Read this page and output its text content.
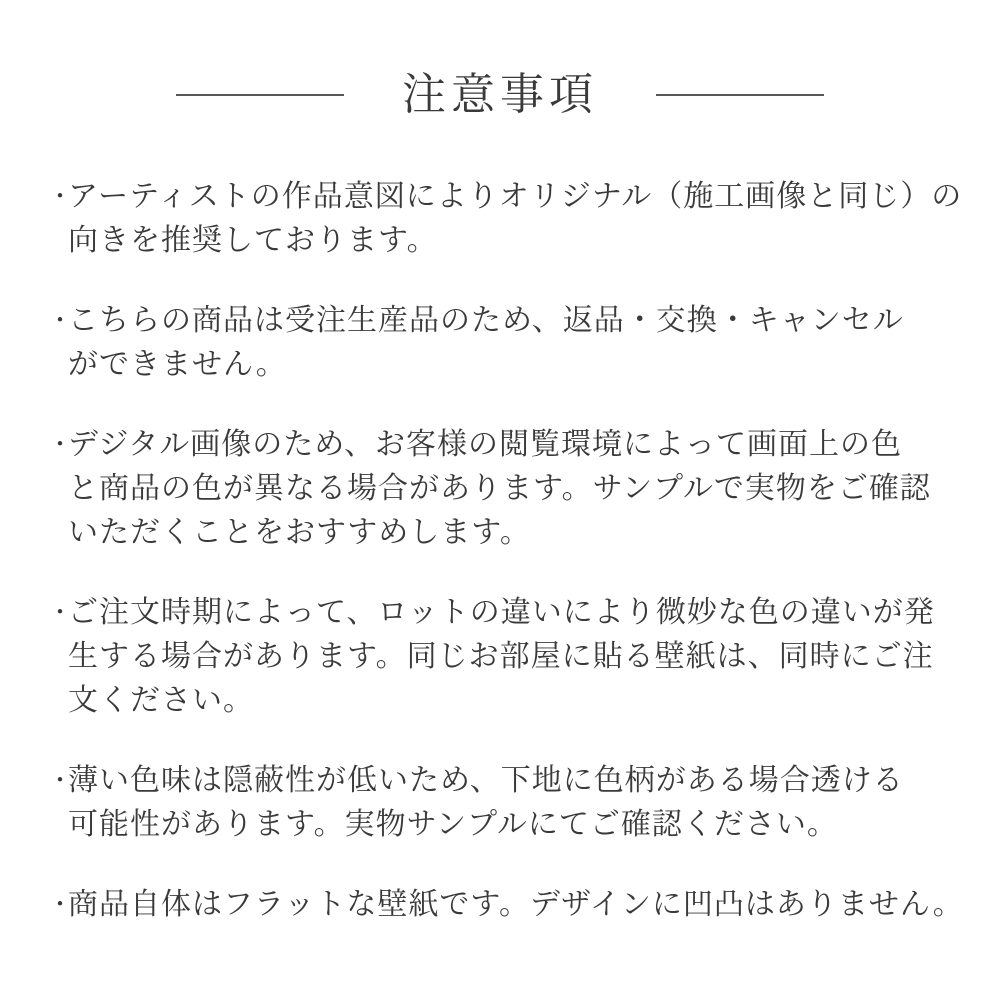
注意事項
・
アーティストの作品意図によりオリジナル（施工画像と同じ）の
向きを推奨しております。
・
こちらの商品は受注生産品のため、返品・交換・キャンセル
ができません。
・
デジタル画像のため、お客様の閲覧環境によって画面上の色
と商品の色が異なる場合があります。サンプルで実物をご確認
いただくことをおすすめします。
・
ご注文時期によって、ロットの違いにより微妙な色の違いが発
生する場合があります。同じお部屋に貼る壁紙は、同時にご注
文ください。
・
薄い色味は隠蔽性が低いため、下地に色柄がある場合透ける
可能性があります。実物サンプルにてご確認ください。
・
商品自体はフラットな壁紙です。デザインに凹凸はありません。
